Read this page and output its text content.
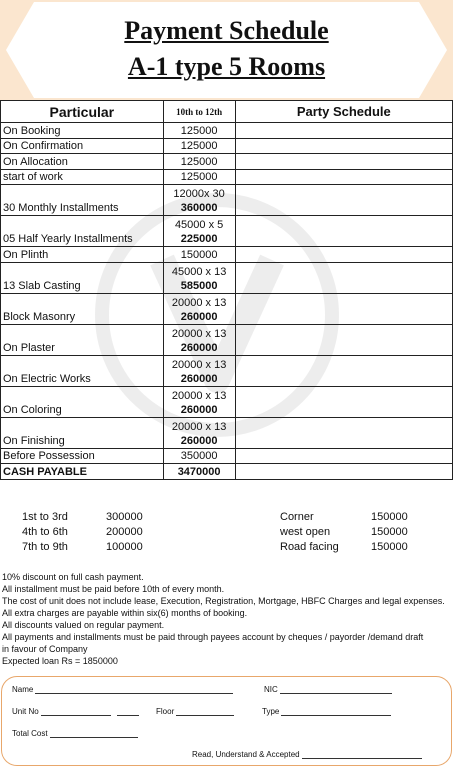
Payment Schedule
A-1 type 5 Rooms
Particular	10th to 12th	Party Schedule
On Booking	125000	

On Confirmation	125000	

On Allocation	125000	

start of work	125000	

30 Monthly Installments	12000x 30
360000	

05 Half Yearly Installments	45000 x 5
225000	

On Plinth	150000	

13 Slab Casting	45000 x 13
585000	

Block Masonry	20000 x 13
260000	

On Plaster	20000 x 13
260000	

On Electric Works	20000 x 13
260000	

On Coloring	20000 x 13
260000	

On Finishing	20000 x 13
260000	

Before Possession	350000	

CASH PAYABLE	3470000	

1st to 3rd	300000
4th to 6th	200000
7th to 9th	100000
Corner	150000
west open	150000
Road facing	150000
10% discount on full cash payment.
All installment must be paid before 10th of every month.
The cost of unit does not include lease, Execution, Registration, Mortgage, HBFC Charges and legal expenses.
All extra charges are payable within six(6) months of booking.
All discounts valued on regular payment.
All payments and installments must be paid through payees account by cheques / payorder /demand draft
in favour of Company
Expected loan Rs = 1850000
Name	NIC
Unit No	Floor	Type
Total Cost
Read, Understand & Accepted
